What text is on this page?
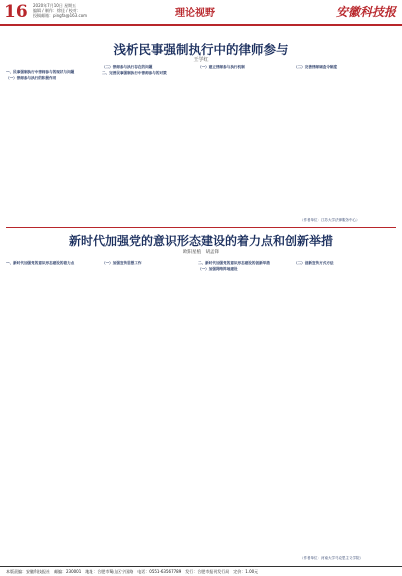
16 2020年7月10日 星期五
编辑 / 制作：徐佳 / 校对：
投稿邮箱：pingfa@163.com	理论视野	安徽科技报
浅析民事强制执行中的律师参与
王学红

一、民事强制执行中律师参与的现状与问题
（一）律师参与执行的积极作用
（二）律师参与执行存在的问题
二、完善民事强制执行中律师参与的对策
（一）建立律师参与执行机制	（二）完善律师调查令制度
（作者单位：江苏大学法律服务中心）
新时代加强党的意识形态建设的着力点和创新举措
欧阳星植　胡孟锋
一、新时代加强党的意识形态建设的着力点	（一）加强宣传思想工作	二、新时代加强党的意识形态建设的创新举措
（一）加强网络阵地建设
（二）创新宣传方式方法
（作者单位：河南大学马克思主义学院）
本版责编：安徽科技报社　邮编：230001　地址：合肥市蜀山区宁国路　电话：0551-63567789　发行：合肥市报刊发行局　定价：1.00元
